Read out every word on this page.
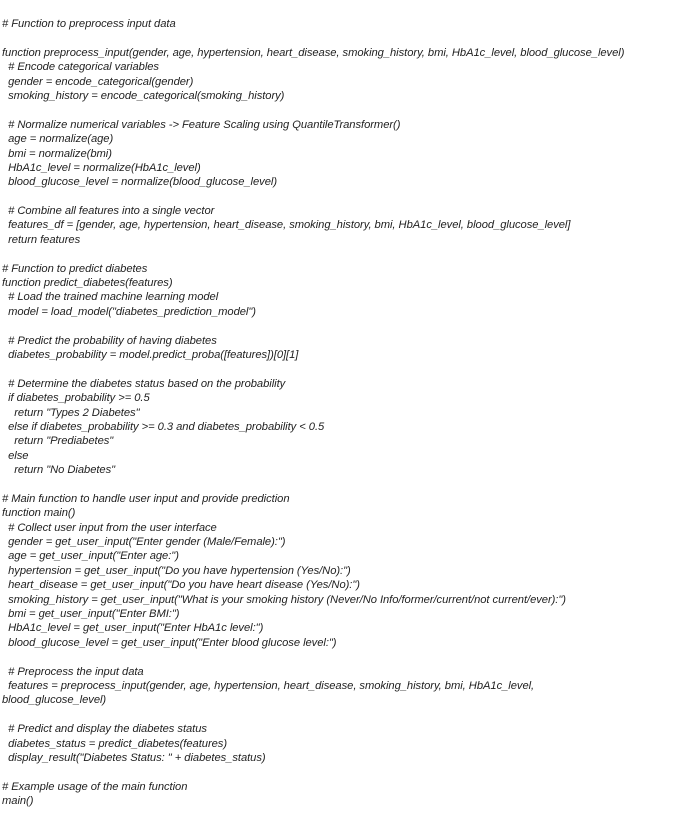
# Function to preprocess input data
function preprocess_input(gender, age, hypertension, heart_disease, smoking_history, bmi, HbA1c_level, blood_glucose_level)
# Encode categorical variables
gender = encode_categorical(gender)
smoking_history = encode_categorical(smoking_history)
# Normalize numerical variables -> Feature Scaling using QuantileTransformer()
age = normalize(age)
bmi = normalize(bmi)
HbA1c_level = normalize(HbA1c_level)
blood_glucose_level = normalize(blood_glucose_level)
# Combine all features into a single vector
features_df = [gender, age, hypertension, heart_disease, smoking_history, bmi, HbA1c_level, blood_glucose_level]
return features
# Function to predict diabetes
function predict_diabetes(features)
# Load the trained machine learning model
model = load_model("diabetes_prediction_model")
# Predict the probability of having diabetes
diabetes_probability = model.predict_proba([features])[0][1]
# Determine the diabetes status based on the probability
if diabetes_probability >= 0.5
return "Types 2 Diabetes"
else if diabetes_probability >= 0.3 and diabetes_probability < 0.5
return "Prediabetes"
else
return "No Diabetes"
# Main function to handle user input and provide prediction
function main()
# Collect user input from the user interface
gender = get_user_input("Enter gender (Male/Female):")
age = get_user_input("Enter age:")
hypertension = get_user_input("Do you have hypertension (Yes/No):")
heart_disease = get_user_input("Do you have heart disease (Yes/No):")
smoking_history = get_user_input("What is your smoking history (Never/No Info/former/current/not current/ever):")
bmi = get_user_input("Enter BMI:")
HbA1c_level = get_user_input("Enter HbA1c level:")
blood_glucose_level = get_user_input("Enter blood glucose level:")
# Preprocess the input data
features = preprocess_input(gender, age, hypertension, heart_disease, smoking_history, bmi, HbA1c_level,
blood_glucose_level)
# Predict and display the diabetes status
diabetes_status = predict_diabetes(features)
display_result("Diabetes Status: " + diabetes_status)
# Example usage of the main function
main()
